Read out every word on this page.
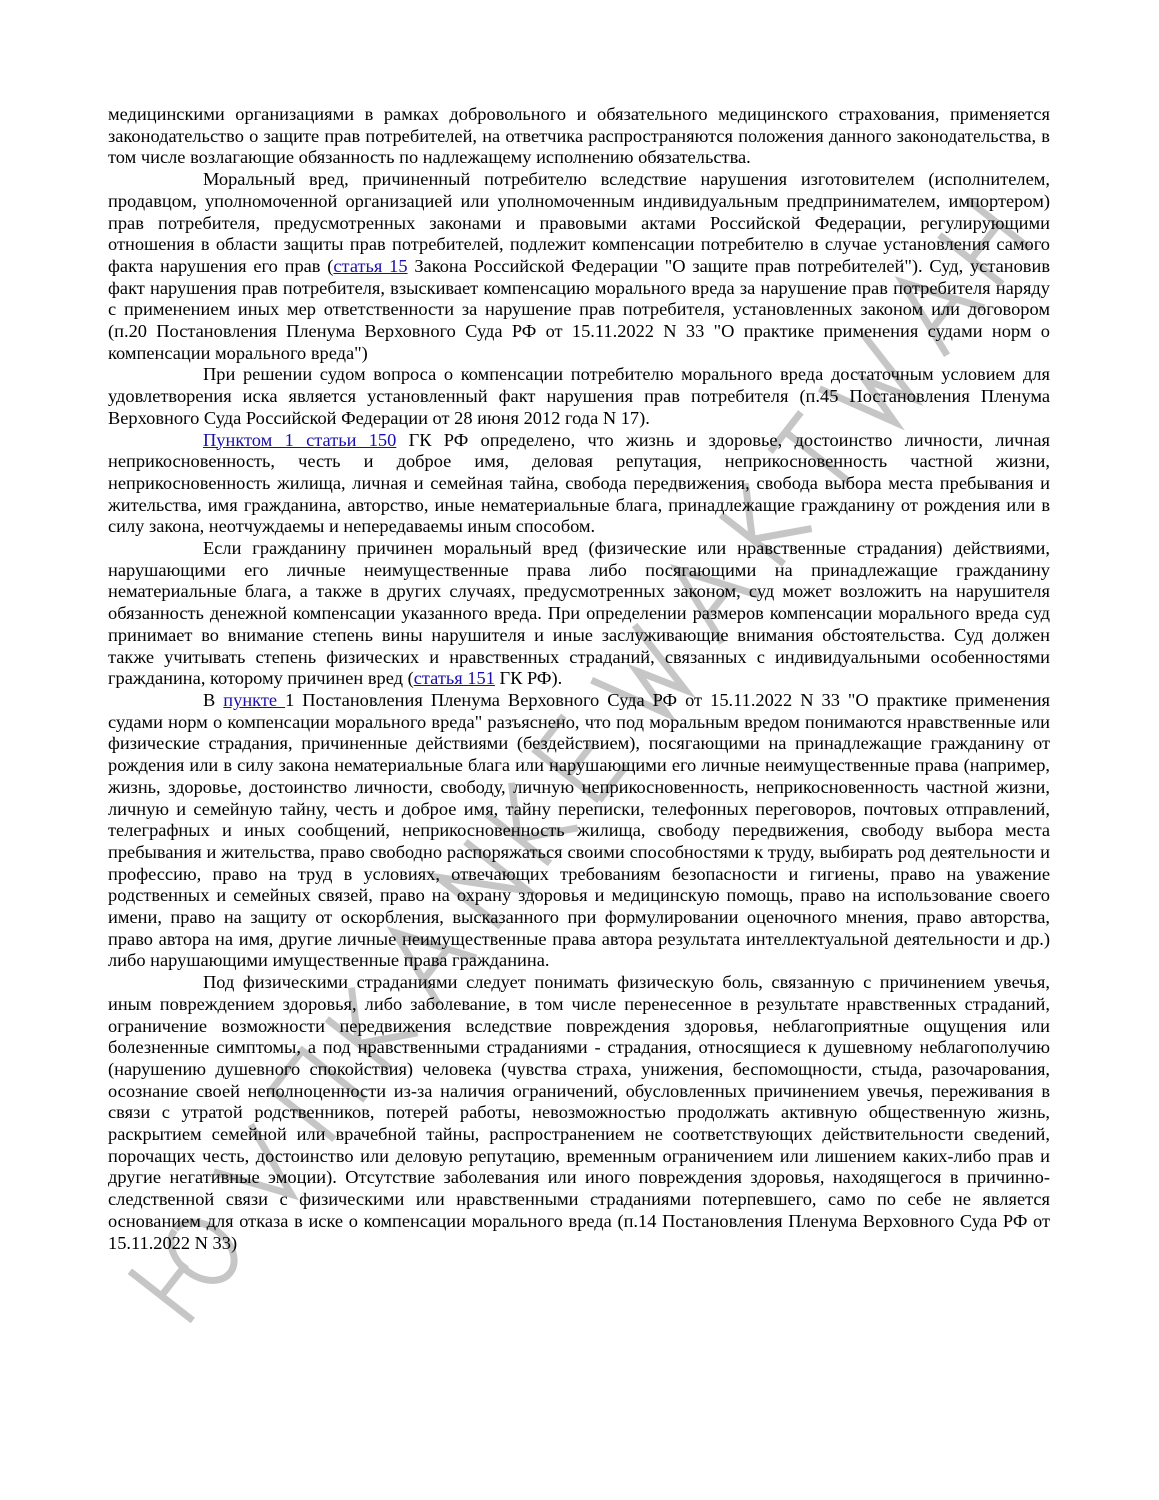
медицинскими организациями в рамках добровольного и обязательного медицинского страхования, применяется законодательство о защите прав потребителей, на ответчика распространяются положения данного законодательства, в том числе возлагающие обязанность по надлежащему исполнению обязательства.

Моральный вред, причиненный потребителю вследствие нарушения изготовителем (исполнителем, продавцом, уполномоченной организацией или уполномоченным индивидуальным предпринимателем, импортером) прав потребителя, предусмотренных законами и правовыми актами Российской Федерации, регулирующими отношения в области защиты прав потребителей, подлежит компенсации потребителю в случае установления самого факта нарушения его прав (статья 15 Закона Российской Федерации "О защите прав потребителей"). Суд, установив факт нарушения прав потребителя, взыскивает компенсацию морального вреда за нарушение прав потребителя наряду с применением иных мер ответственности за нарушение прав потребителя, установленных законом или договором (п.20 Постановления Пленума Верховного Суда РФ от 15.11.2022 N 33 "О практике применения судами норм о компенсации морального вреда")

При решении судом вопроса о компенсации потребителю морального вреда достаточным условием для удовлетворения иска является установленный факт нарушения прав потребителя (п.45 Постановления Пленума Верховного Суда Российской Федерации от 28 июня 2012 года N 17).

Пунктом 1 статьи 150 ГК РФ определено, что жизнь и здоровье, достоинство личности, личная неприкосновенность, честь и доброе имя, деловая репутация, неприкосновенность частной жизни, неприкосновенность жилища, личная и семейная тайна, свобода передвижения, свобода выбора места пребывания и жительства, имя гражданина, авторство, иные нематериальные блага, принадлежащие гражданину от рождения или в силу закона, неотчуждаемы и непередаваемы иным способом.

Если гражданину причинен моральный вред (физические или нравственные страдания) действиями, нарушающими его личные неимущественные права либо посягающими на принадлежащие гражданину нематериальные блага, а также в других случаях, предусмотренных законом, суд может возложить на нарушителя обязанность денежной компенсации указанного вреда. При определении размеров компенсации морального вреда суд принимает во внимание степень вины нарушителя и иные заслуживающие внимания обстоятельства. Суд должен также учитывать степень физических и нравственных страданий, связанных с индивидуальными особенностями гражданина, которому причинен вред (статья 151 ГК РФ).

В пункте 1 Постановления Пленума Верховного Суда РФ от 15.11.2022 N 33 "О практике применения судами норм о компенсации морального вреда" разъяснено, что под моральным вредом понимаются нравственные или физические страдания, причиненные действиями (бездействием), посягающими на принадлежащие гражданину от рождения или в силу закона нематериальные блага или нарушающими его личные неимущественные права (например, жизнь, здоровье, достоинство личности, свободу, личную неприкосновенность, неприкосновенность частной жизни, личную и семейную тайну, честь и доброе имя, тайну переписки, телефонных переговоров, почтовых отправлений, телеграфных и иных сообщений, неприкосновенность жилища, свободу передвижения, свободу выбора места пребывания и жительства, право свободно распоряжаться своими способностями к труду, выбирать род деятельности и профессию, право на труд в условиях, отвечающих требованиям безопасности и гигиены, право на уважение родственных и семейных связей, право на охрану здоровья и медицинскую помощь, право на использование своего имени, право на защиту от оскорбления, высказанного при формулировании оценочного мнения, право авторства, право автора на имя, другие личные неимущественные права автора результата интеллектуальной деятельности и др.) либо нарушающими имущественные права гражданина.

Под физическими страданиями следует понимать физическую боль, связанную с причинением увечья, иным повреждением здоровья, либо заболевание, в том числе перенесенное в результате нравственных страданий, ограничение возможности передвижения вследствие повреждения здоровья, неблагоприятные ощущения или болезненные симптомы, а под нравственными страданиями - страдания, относящиеся к душевному неблагополучию (нарушению душевного спокойствия) человека (чувства страха, унижения, беспомощности, стыда, разочарования, осознание своей неполноценности из-за наличия ограничений, обусловленных причинением увечья, переживания в связи с утратой родственников, потерей работы, невозможностью продолжать активную общественную жизнь, раскрытием семейной или врачебной тайны, распространением не соответствующих действительности сведений, порочащих честь, достоинство или деловую репутацию, временным ограничением или лишением каких-либо прав и другие негативные эмоции). Отсутствие заболевания или иного повреждения здоровья, находящегося в причинно-следственной связи с физическими или нравственными страданиями потерпевшего, само по себе не является основанием для отказа в иске о компенсации морального вреда (п.14 Постановления Пленума Верховного Суда РФ от 15.11.2022 N 33)
